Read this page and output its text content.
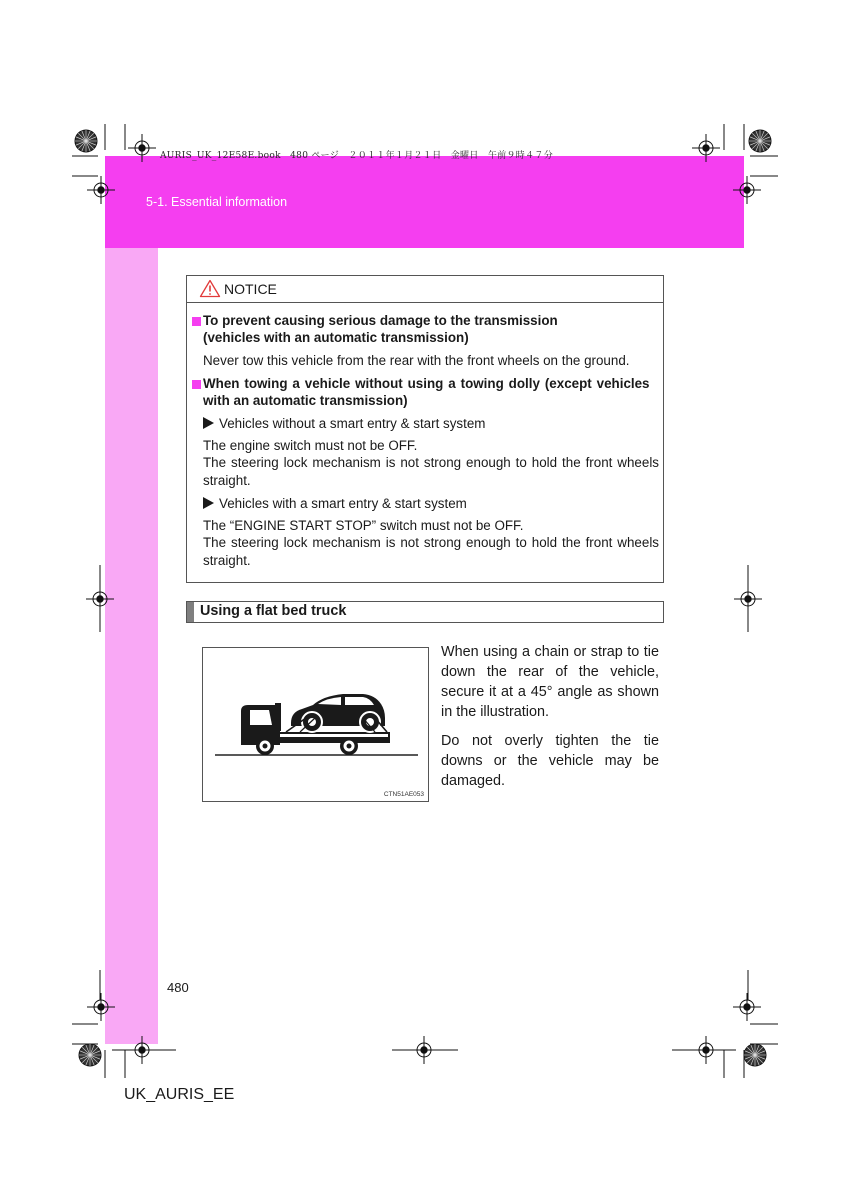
AURIS_UK_12E58E.book　480 ページ　２０１１年１月２１日　金曜日　午前９時４７分
5-1. Essential information
NOTICE
To prevent causing serious damage to the transmission
(vehicles with an automatic transmission)
Never tow this vehicle from the rear with the front wheels on the ground.
When towing a vehicle without using a towing dolly (except vehicles
with an automatic transmission)
Vehicles without a smart entry & start system
The engine switch must not be OFF.
The steering lock mechanism is not strong enough to hold the front wheels straight.
Vehicles with a smart entry & start system
The “ENGINE START STOP” switch must not be OFF.
The steering lock mechanism is not strong enough to hold the front wheels straight.
Using a flat bed truck
CTN51AE053
When using a chain or strap to tie down the rear of the vehicle, secure it at a 45° angle as shown in the illustration.
Do not overly tighten the tie downs or the vehicle may be damaged.
480
UK_AURIS_EE
